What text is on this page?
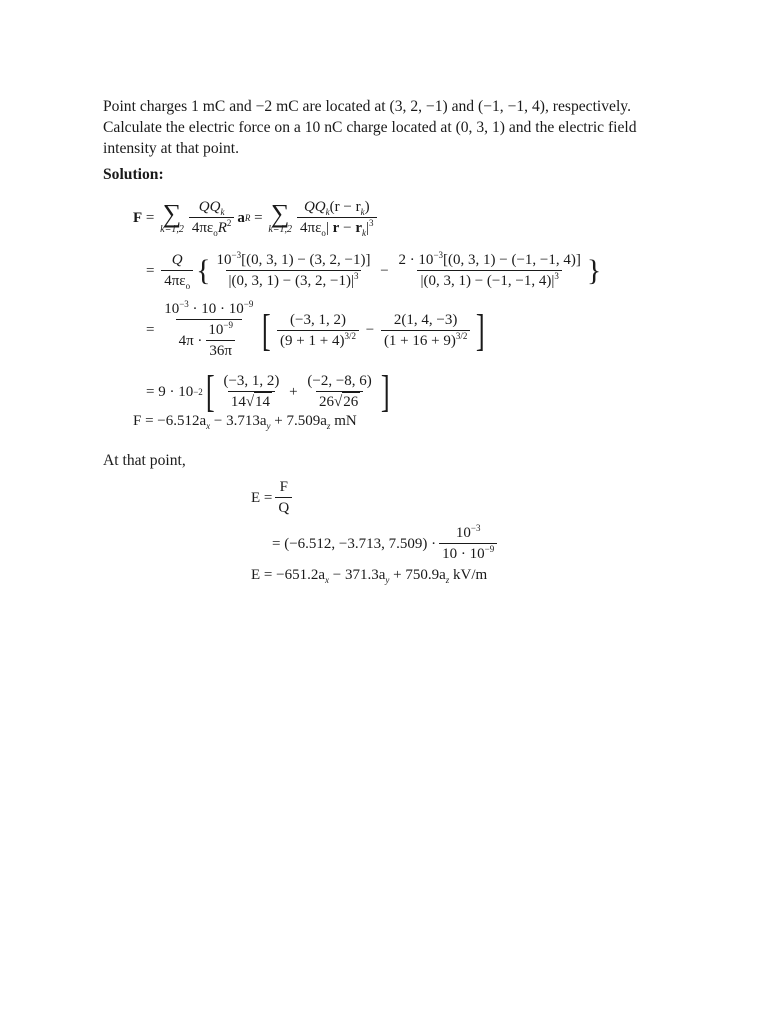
Point charges 1 mC and −2 mC are located at (3, 2, −1) and (−1, −1, 4), respectively.
Calculate the electric force on a 10 nC charge located at (0, 3, 1) and the electric field
intensity at that point.
Solution:
F = ∑
$k=1,2 \frac{QQ_k}{4\pi\varepsilon_oR^2}$ a R = ∑
$k=1,2 \frac{QQ_k(r - r_k)}{4\pi\varepsilon_o| r - r_k|^3}$
= $\frac{Q}{4\pi\varepsilon_o}$ { $\frac{10^{-3}[(0, 3, 1) - (3, 2, -1)]}{|(0, 3, 1) - (3, 2, -1)|^3} - \frac{2 \cdot 10^{-3}[(0, 3, 1) - (-1, -1, 4)]}{|(0, 3, 1) - (-1, -1, 4)|^3}$ }
= $\frac{10^{-3} \cdot 10 \cdot 10^{-9}}{4\pi \cdot \frac{10^{-9}}{36\pi}}$ [ $\frac{(-3, 1, 2)}{(9 + 1 + 4)^{3/2}} - \frac{2(1, 4, -3)}{(1 + 16 + 9)^{3/2}}$ ]
= 9 · 10 −2 [ $\frac{(-3, 1, 2)}{14√14} + \frac{(-2, -8, 6)}{26√26}$ ]
$F = -6.512a_x - 3.713a_y + 7.509a_z$ mN
At that point,
$E = \frac{F}{Q}$
= (−6.512, −3.713, $7.509) \cdot \frac{10^{-3}}{10 \cdot 10^{-9}}$
$E = -651.2a_x - 371.3a_y + 750.9a_z$ kV/m
